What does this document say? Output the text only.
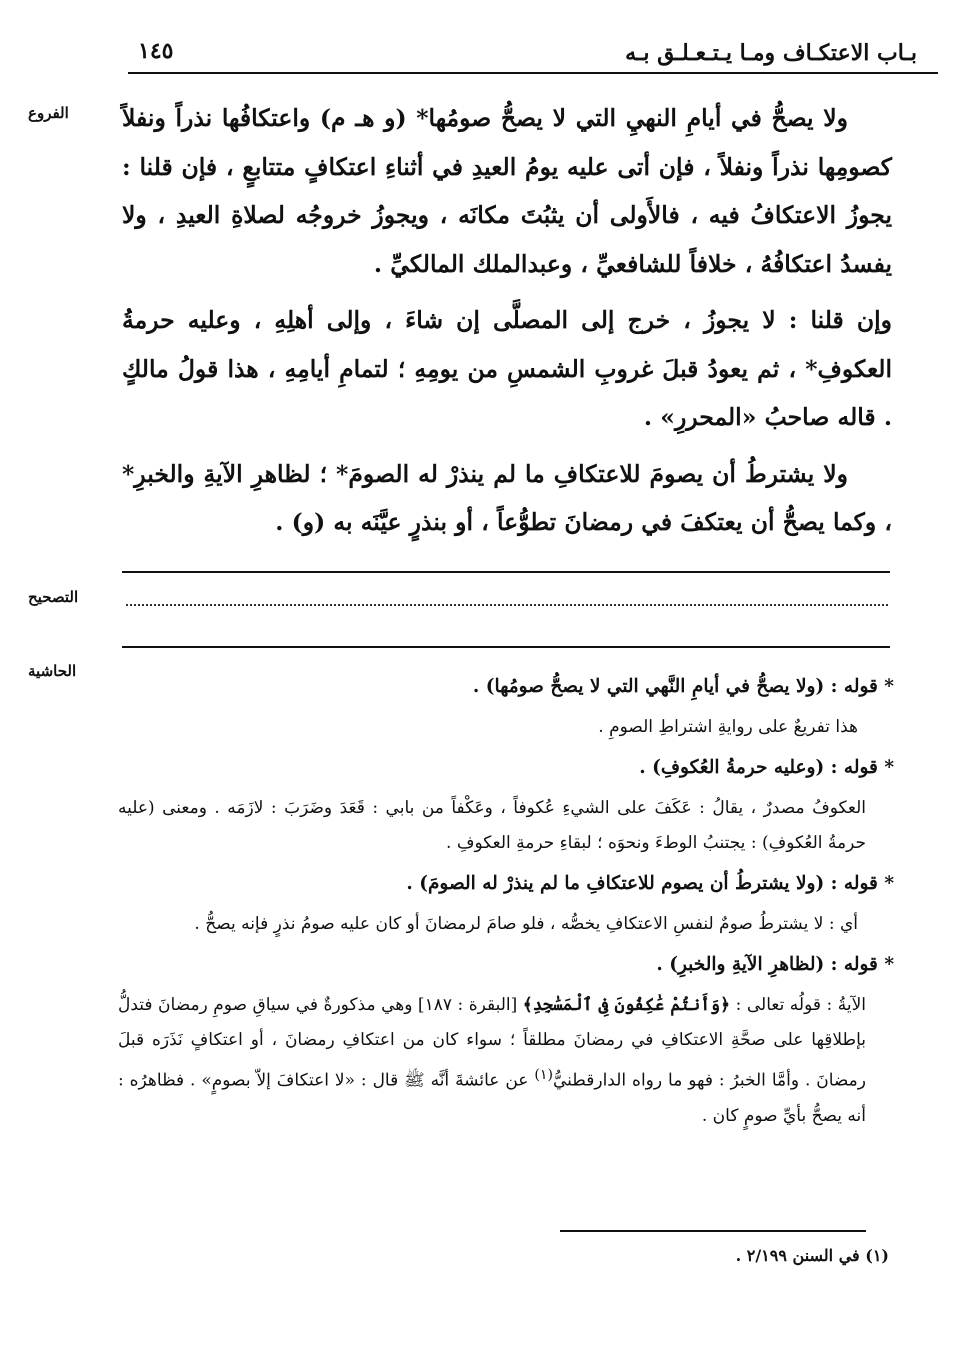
بـاب الاعتكـاف ومـا يـتـعـلـق بـه
١٤٥
الفروع
التصحيح
الحاشية

ولا يصحُّ في أيامِ النهيِ التي لا يصحُّ صومُها* (و هـ م) واعتكافُها نذراً ونفلاً كصومِها نذراً ونفلاً ، فإن أتى عليه يومُ العيدِ في أثناءِ اعتكافٍ متتابعٍ ، فإن قلنا : يجوزُ الاعتكافُ فيه ، فالأَولى أن يثبُتَ مكانَه ، ويجوزُ خروجُه لصلاةِ العيدِ ، ولا يفسدُ اعتكافُهُ ، خلافاً للشافعيِّ ، وعبدالملك المالكيِّ .

وإن قلنا : لا يجوزُ ، خرج إلى المصلَّى إن شاءَ ، وإلى أهلِهِ ، وعليه حرمةُ العكوفِ* ، ثم يعودُ قبلَ غروبِ الشمسِ من يومِهِ ؛ لتمامِ أيامِهِ ، هذا قولُ مالكٍ . قاله صاحبُ «المحررِ» .

ولا يشترطُ أن يصومَ للاعتكافِ ما لم ينذرْ له الصومَ* ؛ لظاهرِ الآيةِ والخبرِ* ، وكما يصحُّ أن يعتكفَ في رمضانَ تطوُّعاً ، أو بنذرٍ عيَّنَه به (و) .

* قوله : (ولا يصحُّ في أيامِ النَّهي التي لا يصحُّ صومُها) .

هذا تفريعٌ على روايةِ اشتراطِ الصومِ .

* قوله : (وعليه حرمةُ العُكوفِ) .

العكوفُ مصدرٌ ، يقالُ : عَكَفَ على الشيءِ عُكوفاً ، وعَكْفاً من بابي : قَعَدَ وضَرَبَ : لازَمَه . ومعنى (عليه حرمةُ العُكوفِ) : يجتنبُ الوطءَ ونحوَه ؛ لبقاءِ حرمةِ العكوفِ .

* قوله : (ولا يشترطُ أن يصوم للاعتكافِ ما لم ينذرْ له الصومَ) .

أي : لا يشترطُ صومٌ لنفسِ الاعتكافِ يخصُّه ، فلو صامَ لرمضانَ أو كان عليه صومُ نذرٍ فإنه يصحُّ .

* قوله : (لظاهرِ الآيةِ والخبرِ) .

الآيةُ : قولُه تعالى : ﴿وَأَنتُمْ عَٰكِفُونَ فِى ٱلْمَسَٰجِدِ﴾ [البقرة : ١٨٧] وهي مذكورةٌ في سياقِ صومِ رمضانَ فتدلُّ بإطلاقِها على صحَّةِ الاعتكافِ في رمضانَ مطلقاً ؛ سواء كان من اعتكافِ رمضانَ ، أو اعتكافٍ نَذَرَه قبلَ رمضانَ . وأمَّا الخبرُ : فهو ما رواه الدارقطنيُّ$^{(١)}$ عن عائشةَ أنَّه ﷺ قال : «لا اعتكافَ إلاّ بصومٍ» . فظاهرُه : أنه يصحُّ بأيِّ صومٍ كان .

(١) في السنن ٢/١٩٩ .
